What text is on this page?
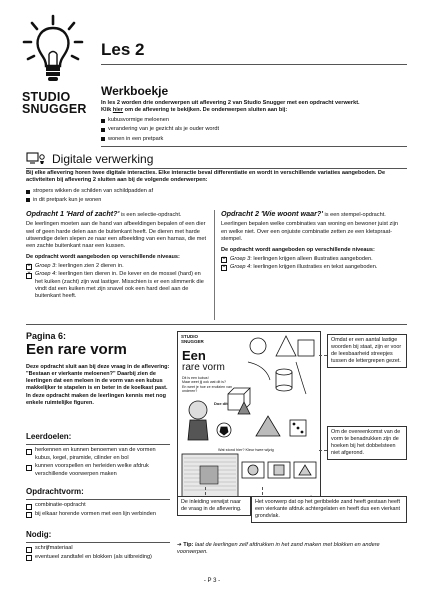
Les 2
STUDIO
SNUGGER
Werkboekje
In les 2 worden drie onderwerpen uit aflevering 2 van Studio Snugger met een opdracht verwerkt.
Klik hier om de aflevering te bekijken. De onderwerpen sluiten aan bij:
kubusvormige meloenen
verandering van je gezicht als je ouder wordt
wonen in een pretpark
Digitale verwerking
Bij elke aflevering horen twee digitale interacties. Elke interactie beval differentiatie en wordt in verschillende variaties aangeboden. De activiteiten bij aflevering 2 sluiten aan bij de volgende onderwerpen:
stropers wikken de schilden van schildpadden af
in dit pretpark kun je wonen
Opdracht 1 'Hard of zacht?' is een selectie-opdracht.
De leerlingen moeten aan de hand van afbeeldingen bepalen of een dier wel of geen harde delen aan de buitenkant heeft. De dieren met harde uitwendige delen slepen ze naar een afbeelding van een harnas, die met een zachte buitenkant naar een kussen.
De opdracht wordt aangeboden op verschillende niveaus:
×
Groep 3: leerlingen zien 2 dieren in.
×
Groep 4: leerlingen tien dieren in. De kever en de mossel (hard) en het kuiken (zacht) zijn wat lastiger. Misschien is er een slimmerik die vindt dat een kuiken met zijn snavel ook een hard deel aan de buitenkant heeft.
Opdracht 2 'Wie woont waar?' is een stempel-opdracht.
Leerlingen bepalen welke combinaties van woning en bewoner juist zijn en welke niet. Over een onjuiste combinatie zetten ze een kletspraat-stempel.
De opdracht wordt aangeboden op verschillende niveaus:
×
Groep 3: leerlingen krijgen alleen illustraties aangeboden.
×
Groep 4: leerlingen krijgen illustraties en tekst aangeboden.
Pagina 6:
Een rare vorm
Deze opdracht sluit aan bij deze vraag in de aflevering: "Bestaan er vierkante meloenen?" Daarbij zien de leerlingen dat een meloen in de vorm van een kubus makkelijker te stapelen is en beter in de koelkast past. In deze opdracht maken de leerlingen kennis met nog enkele ruimtelijke figuren.
Leerdoelen:
herkennen en kunnen benoemen van de vormen kubus, kegel, piramide, cilinder en bol
kunnen voorspellen en herleiden welke afdruk verschillende voorwerpen maken
Opdrachtvorm:
combinatie-opdracht
bij elkaar horende vormen met een lijn verbinden
Nodig:
schrijfmateriaal
eventueel zandtafel en blokken (als uitbreiding)
STUDIO SNUGGER
Een
rare vorm
Dit is een kubus!
Maar weet jij ook wat dit is?
En weet je hoe ze eruitzien van onderen?
Doe dit
Wat stond hier? Kleur twee wijzig
Omdat er een aantal lastige woorden bij staat, zijn er voor de leesbaarheid streepjes tussen de lettergrepen gezet.
Om de overeenkomst van de vorm te benadrukken zijn de hoeken bij het dobbelsteen niet afgerond.
De inleiding verwijst naar de vraag in de aflevering.
Het voorwerp dat op het geribbelde zand heeft gestaan heeft een vierkante afdruk achtergelaten en heeft dus een vierkant grondvlak.
➔ Tip: laat de leerlingen zelf afdrukken in het zand maken met blokken en andere voorwerpen.
- P 3 -
